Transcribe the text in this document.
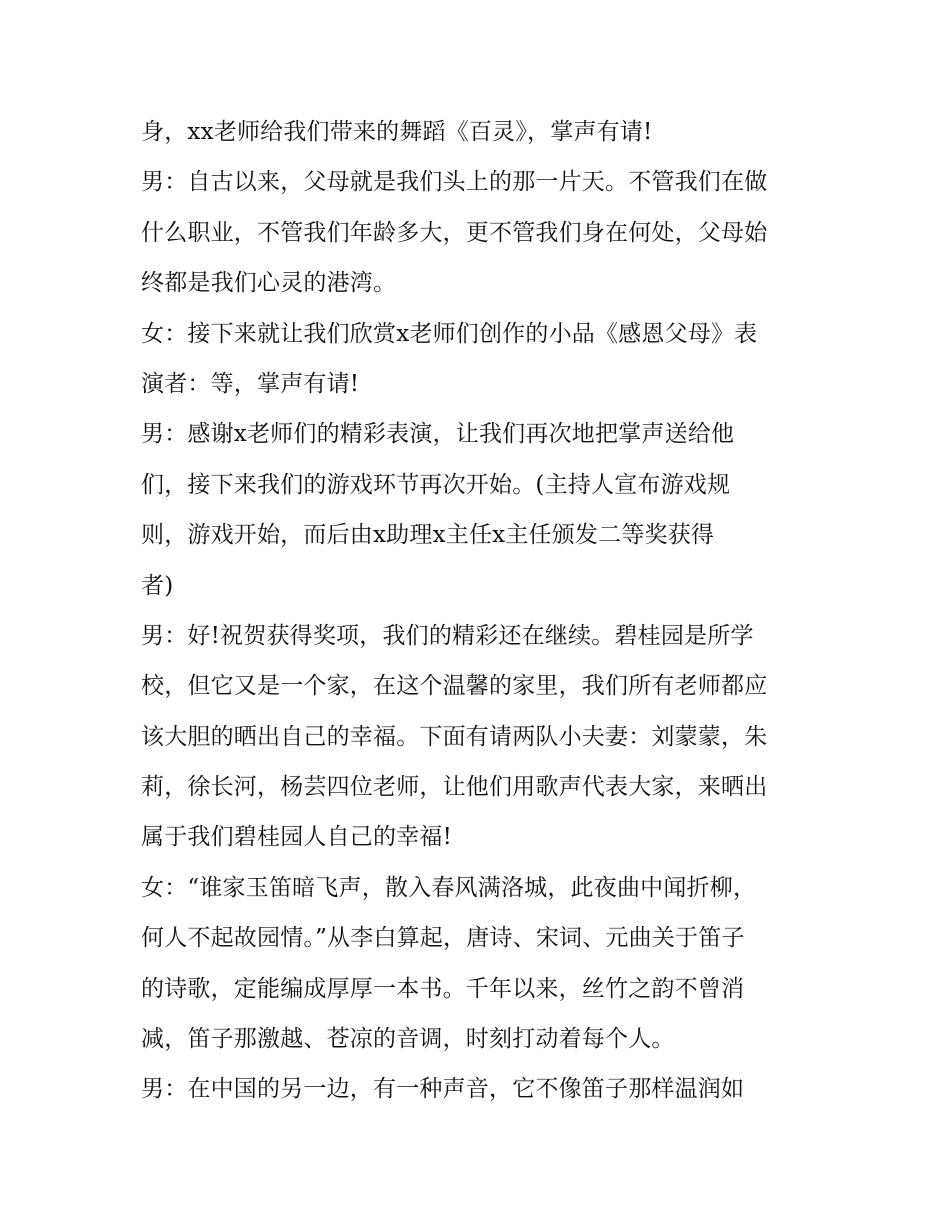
身，xx老师给我们带来的舞蹈《百灵》，掌声有请!
男：自古以来，父母就是我们头上的那一片天。不管我们在做
什么职业，不管我们年龄多大，更不管我们身在何处，父母始
终都是我们心灵的港湾。
女：接下来就让我们欣赏x老师们创作的小品《感恩父母》表
演者：等，掌声有请!
男：感谢x老师们的精彩表演，让我们再次地把掌声送给他
们，接下来我们的游戏环节再次开始。(主持人宣布游戏规
则，游戏开始，而后由x助理x主任x主任颁发二等奖获得
者)
男：好!祝贺获得奖项，我们的精彩还在继续。碧桂园是所学
校，但它又是一个家，在这个温馨的家里，我们所有老师都应
该大胆的晒出自己的幸福。下面有请两队小夫妻：刘蒙蒙，朱
莉，徐长河，杨芸四位老师，让他们用歌声代表大家，来晒出
属于我们碧桂园人自己的幸福!
女：“谁家玉笛暗飞声，散入春风满洛城，此夜曲中闻折柳，
何人不起故园情。”从李白算起，唐诗、宋词、元曲关于笛子
的诗歌，定能编成厚厚一本书。千年以来，丝竹之韵不曾消
减，笛子那激越、苍凉的音调，时刻打动着每个人。
男：在中国的另一边，有一种声音，它不像笛子那样温润如
